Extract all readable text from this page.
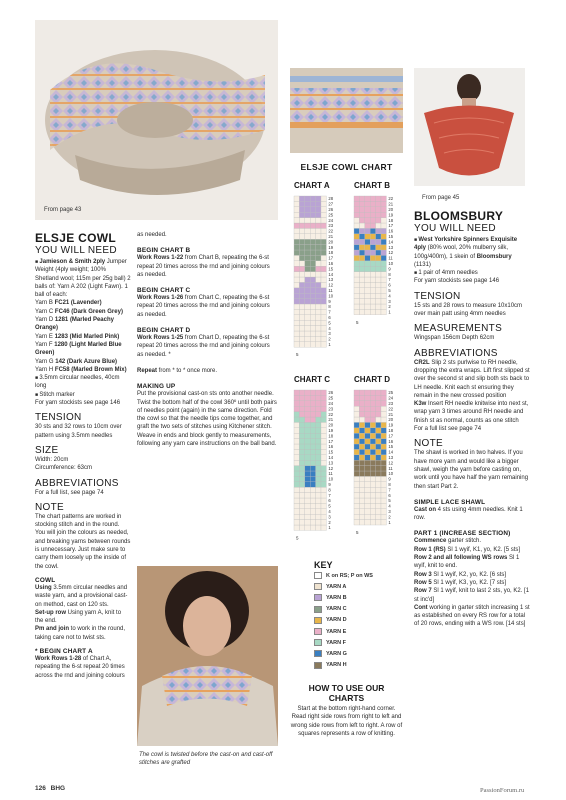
From page 43
From page 45
The cowl is twisted before the cast-on and cast-off stitches are grafted
ELSJE COWL
YOU WILL NEED
■ Jamieson & Smith 2ply Jumper Weight (4ply weight; 100% Shetland wool; 115m per 25g ball) 2 balls of: Yarn A 202 (Light Fawn). 1 ball of each:
Yarn B FC21 (Lavender)
Yarn C FC46 (Dark Green Grey)
Yarn D 1281 (Marled Peachy Orange)
Yarn E 1283 (Mid Marled Pink)
Yarn F 1280 (Light Marled Blue Green)
Yarn G 142 (Dark Azure Blue)
Yarn H FC58 (Marled Brown Mix)
■ 3.5mm circular needles, 40cm long
■ Stitch marker
For yarn stockists see page 146
TENSION
30 sts and 32 rows to 10cm over pattern using 3.5mm needles
SIZE
Width: 20cm
Circumference: 63cm
ABBREVIATIONS
For a full list, see page 74
NOTE
The chart patterns are worked in stocking stitch and in the round. You will join the colours as needed, and breaking yarns between rounds is unnecessary. Just make sure to carry them loosely up the inside of the cowl.
COWL
Using 3.5mm circular needles and waste yarn, and a provisional cast-on method, cast on 120 sts.
Set-up row Using yarn A, knit to the end.
Pm and join to work in the round, taking care not to twist sts.
* BEGIN CHART A
Work Rows 1-28 of Chart A, repeating the 6-st repeat 20 times across the rnd and joining colours
as needed.
BEGIN CHART B
Work Rows 1-22 from Chart B, repeating the 6-st repeat 20 times across the rnd and joining colours as needed.
BEGIN CHART C
Work Rows 1-26 from Chart C, repeating the 6-st repeat 20 times across the rnd and joining colours as needed.
BEGIN CHART D
Work Rows 1-25 from Chart D, repeating the 6-st repeat 20 times across the rnd and joining colours as needed. *
Repeat from * to * once more.
MAKING UP
Put the provisional cast-on sts onto another needle. Twist the bottom half of the cowl 360º until both pairs of needles point (again) in the same direction. Fold the cowl so that the needle tips come together, and graft the two sets of stitches using Kitchener stitch. Weave in ends and block gently to measurements, following any yarn care instructions on the ball band.
ELSJE COWL CHART
CHART A	CHART B
CHART C	CHART D
1
2
3
4
5
6
7
8
9
10
11
12
13
14
15
16
17
18
19
20
21
22
23
24
25
26
27
28
5
1
2
3
4
5
6
7
8
9
10
11
12
13
14
15
16
17
18
19
20
21
22
5
1
2
3
4
5
6
7
8
9
10
11
12
13
14
15
16
17
18
19
20
21
22
23
24
25
26
5
1
2
3
4
5
6
7
8
9
10
11
12
13
14
15
16
17
18
19
20
21
22
23
24
25
5
KEY
K on RS; P on WS
YARN A
YARN B
YARN C
YARN D
YARN E
YARN F
YARN G
YARN H
HOW TO USE OUR CHARTS
Start at the bottom right-hand corner. Read right side rows from right to left and wrong side rows from left to right. A row of squares represents a row of knitting.
BLOOMSBURY
YOU WILL NEED
■ West Yorkshire Spinners Exquisite 4ply (80% wool, 20% mulberry silk, 100g/400m), 1 skein of Bloomsbury (1131)
■ 1 pair of 4mm needles
For yarn stockists see page 146
TENSION
15 sts and 28 rows to measure 10x10cm over main patt using 4mm needles
MEASUREMENTS
Wingspan 156cm Depth 62cm
ABBREVIATIONS
CR2L Slip 2 sts purlwise to RH needle, dropping the extra wraps. Lift first slipped st over the second st and slip both sts back to LH needle. Knit each st ensuring they remain in the new crossed position
K3w Insert RH needle knitwise into next st, wrap yarn 3 times around RH needle and finish st as normal, counts as one stitch
For a full list see page 74
NOTE
The shawl is worked in two halves. If you have more yarn and would like a bigger shawl, weigh the yarn before casting on, work until you have half the yarn remaining then start Part 2.
SIMPLE LACE SHAWL
Cast on 4 sts using 4mm needles. Knit 1 row.
PART 1 (INCREASE SECTION)
Commence garter stitch.
Row 1 (RS) Sl 1 wyif, K1, yo, K2. [5 sts]
Row 2 and all following WS rows Sl 1 wyif, knit to end.
Row 3 Sl 1 wyif, K2, yo, K2. [6 sts]
Row 5 Sl 1 wyif, K3, yo, K2. [7 sts]
Row 7 Sl 1 wyif, knit to last 2 sts, yo, K2. [1 st inc'd]
Cont working in garter stitch increasing 1 st as established on every RS row for a total of 20 rows, ending with a WS row. [14 sts]
126 BHG	PassionForum.ru
